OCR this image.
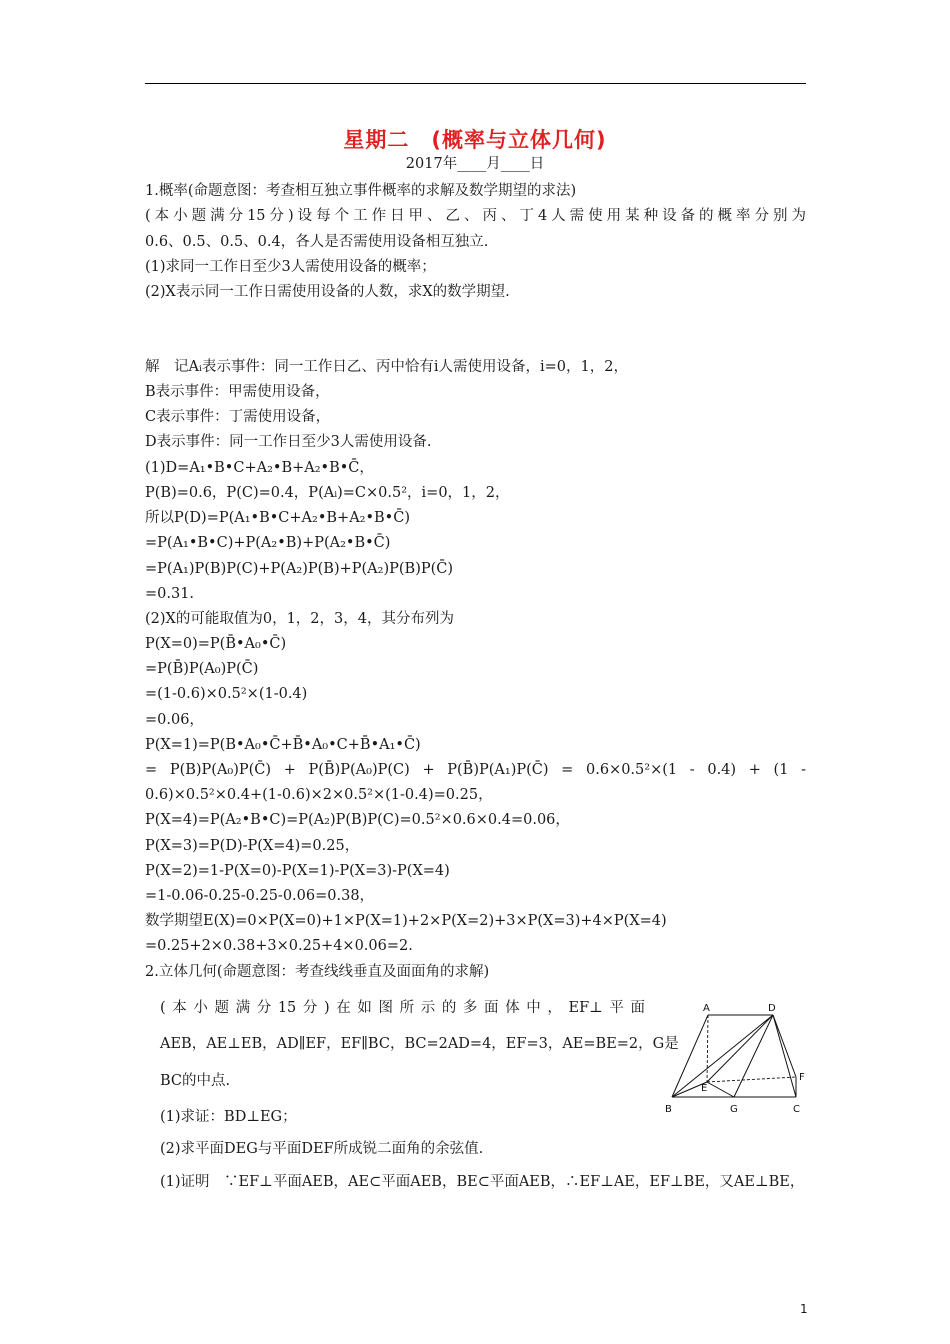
星期二　(概率与立体几何)
2017年____月____日
1.概率(命题意图：考查相互独立事件概率的求解及数学期望的求法)
(本小题满分15分)设每个工作日甲、乙、丙、丁4人需使用某种设备的概率分别为
0.6、0.5、0.5、0.4，各人是否需使用设备相互独立.
(1)求同一工作日至少3人需使用设备的概率；
(2)X表示同一工作日需使用设备的人数，求X的数学期望.
解　记Aᵢ表示事件：同一工作日乙、丙中恰有i人需使用设备，i=0，1，2，
B表示事件：甲需使用设备，
C表示事件：丁需使用设备，
D表示事件：同一工作日至少3人需使用设备.
(1)D=A₁•B•C+A₂•B+A₂•B•C̄，
P(B)=0.6，P(C)=0.4，P(Aᵢ)=C×0.5²，i=0，1，2，
所以P(D)=P(A₁•B•C+A₂•B+A₂•B•C̄)
=P(A₁•B•C)+P(A₂•B)+P(A₂•B•C̄)
=P(A₁)P(B)P(C)+P(A₂)P(B)+P(A₂)P(B)P(C̄)
=0.31.
(2)X的可能取值为0，1，2，3，4，其分布列为
P(X=0)=P(B̄•A₀•C̄)
=P(B̄)P(A₀)P(C̄)
=(1-0.6)×0.5²×(1-0.4)
=0.06，
P(X=1)=P(B•A₀•C̄+B̄•A₀•C+B̄•A₁•C̄)
= P(B)P(A₀)P(C̄) + P(B̄)P(A₀)P(C) + P(B̄)P(A₁)P(C̄) = 0.6×0.5²×(1 - 0.4) + (1 -
0.6)×0.5²×0.4+(1-0.6)×2×0.5²×(1-0.4)=0.25，
P(X=4)=P(A₂•B•C)=P(A₂)P(B)P(C)=0.5²×0.6×0.4=0.06，
P(X=3)=P(D)-P(X=4)=0.25，
P(X=2)=1-P(X=0)-P(X=1)-P(X=3)-P(X=4)
=1-0.06-0.25-0.25-0.06=0.38，
数学期望E(X)=0×P(X=0)+1×P(X=1)+2×P(X=2)+3×P(X=3)+4×P(X=4)
=0.25+2×0.38+3×0.25+4×0.06=2.
2.立体几何(命题意图：考查线线垂直及面面角的求解)
(本小题满分15分)在如图所示的多面体中，EF⊥平面
AEB，AE⊥EB，AD∥EF，EF∥BC，BC=2AD=4，EF=3，AE=BE=2，G是
BC的中点.
(1)求证：BD⊥EG；
(2)求平面DEG与平面DEF所成锐二面角的余弦值.
(1)证明　∵EF⊥平面AEB，AE⊂平面AEB，BE⊂平面AEB，∴EF⊥AE，EF⊥BE，又AE⊥BE，
A	D
E
F
B	G	C
1
